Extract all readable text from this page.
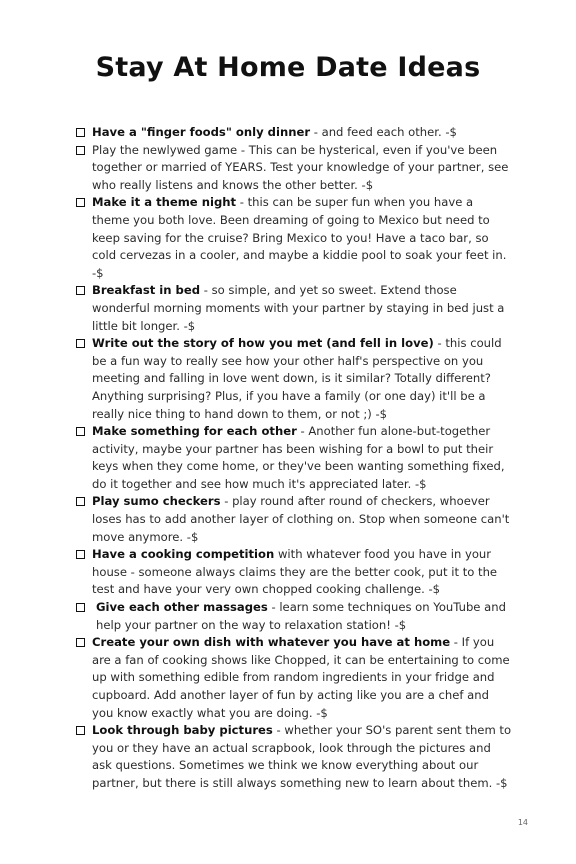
Stay At Home Date Ideas
Have a "finger foods" only dinner - and feed each other. -$
Play the newlywed game - This can be hysterical, even if you've been together or married of YEARS. Test your knowledge of your partner, see who really listens and knows the other better. -$
Make it a theme night - this can be super fun when you have a theme you both love. Been dreaming of going to Mexico but need to keep saving for the cruise? Bring Mexico to you! Have a taco bar, so cold cervezas in a cooler, and maybe a kiddie pool to soak your feet in. -$
Breakfast in bed - so simple, and yet so sweet. Extend those wonderful morning moments with your partner by staying in bed just a little bit longer. -$
Write out the story of how you met (and fell in love) - this could be a fun way to really see how your other half's perspective on you meeting and falling in love went down, is it similar? Totally different? Anything surprising? Plus, if you have a family (or one day) it'll be a really nice thing to hand down to them, or not ;) -$
Make something for each other - Another fun alone-but-together activity, maybe your partner has been wishing for a bowl to put their keys when they come home, or they've been wanting something fixed, do it together and see how much it's appreciated later. -$
Play sumo checkers - play round after round of checkers, whoever loses has to add another layer of clothing on. Stop when someone can't move anymore. -$
Have a cooking competition with whatever food you have in your house - someone always claims they are the better cook, put it to the test and have your very own chopped cooking challenge. -$
Give each other massages - learn some techniques on YouTube and help your partner on the way to relaxation station! -$
Create your own dish with whatever you have at home - If you are a fan of cooking shows like Chopped, it can be entertaining to come up with something edible from random ingredients in your fridge and cupboard. Add another layer of fun by acting like you are a chef and you know exactly what you are doing. -$
Look through baby pictures - whether your SO's parent sent them to you or they have an actual scrapbook, look through the pictures and ask questions. Sometimes we think we know everything about our partner, but there is still always something new to learn about them. -$
14
